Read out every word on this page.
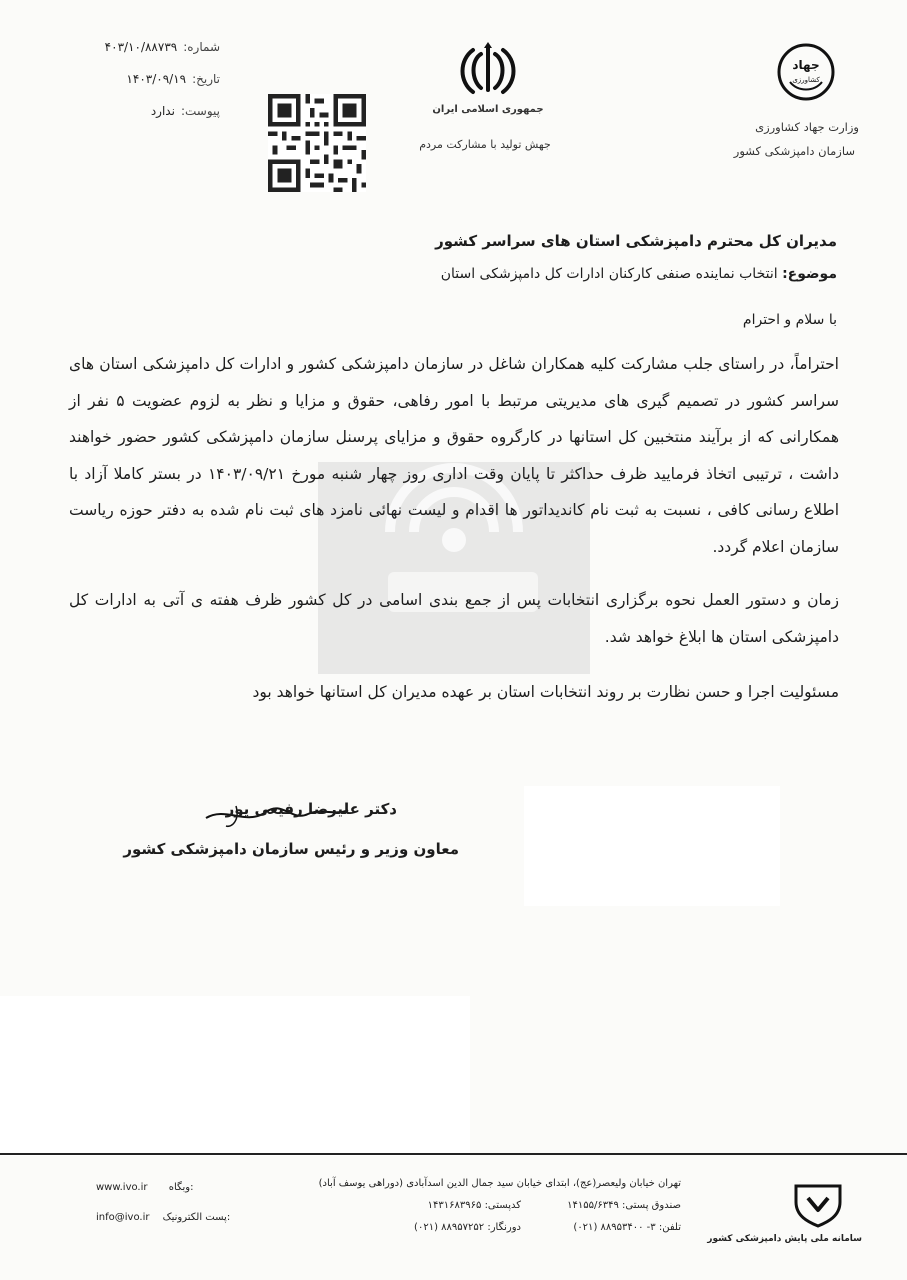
شماره:
۴۰۳/۱۰/۸۸۷۳۹
تاریخ:
۱۴۰۳/۰۹/۱۹
پیوست:
ندارد	جمهوری اسلامی ایران
جهش تولید با مشارکت مردم
جهاد
کشاورزی
وزارت جهاد کشاورزی
سازمان دامپزشکی کشور
مدیران کل محترم دامپزشکی استان های سراسر کشور
موضوع: انتخاب نماینده صنفی کارکنان ادارات کل دامپزشکی استان
با سلام و احترام
احتراماً، در راستای جلب مشارکت کلیه همکاران شاغل در سازمان دامپزشکی کشور و ادارات کل دامپزشکی استان های سراسر کشور در تصمیم گیری های مدیریتی مرتبط با امور رفاهی، حقوق و مزایا و نظر به لزوم عضویت ۵ نفر از همکارانی که از برآیند منتخبین کل استانها در کارگروه حقوق و مزایای پرسنل سازمان دامپزشکی کشور حضور خواهند داشت ، ترتیبی اتخاذ فرمایید ظرف حداکثر تا پایان وقت اداری روز چهار شنبه مورخ ۱۴۰۳/۰۹/۲۱ در بستر کاملا آزاد با اطلاع رسانی کافی ، نسبت به ثبت نام کاندیداتور ها اقدام و لیست نهائی نامزد های ثبت نام شده به دفتر حوزه ریاست سازمان اعلام گردد.
زمان و دستور العمل نحوه برگزاری انتخابات پس از جمع بندی اسامی در کل کشور ظرف هفته ی آتی به ادارات کل دامپزشکی استان ها ابلاغ خواهد شد.
مسئولیت اجرا و حسن نظارت بر روند انتخابات استان بر عهده مدیران کل استانها خواهد بود
دکتر علیرضا رفیعی پور
معاون وزیر و رئیس سازمان دامپزشکی کشور
تهران خیابان ولیعصر(عج)، ابتدای خیابان سید جمال الدین اسدآبادی (دوراهی یوسف آباد)
صندوق پستی: ۱۴۱۵۵/۶۳۴۹
کدپستی: ۱۴۳۱۶۸۳۹۶۵
تلفن: ۳- ۸۸۹۵۳۴۰۰ (۰۲۱)
دورنگار: ۸۸۹۵۷۲۵۲ (۰۲۱)
www.ivo.ir وبگاه:
info@ivo.ir پست الکترونیک:
سامانه ملی پایش دامپزشکی کشور
